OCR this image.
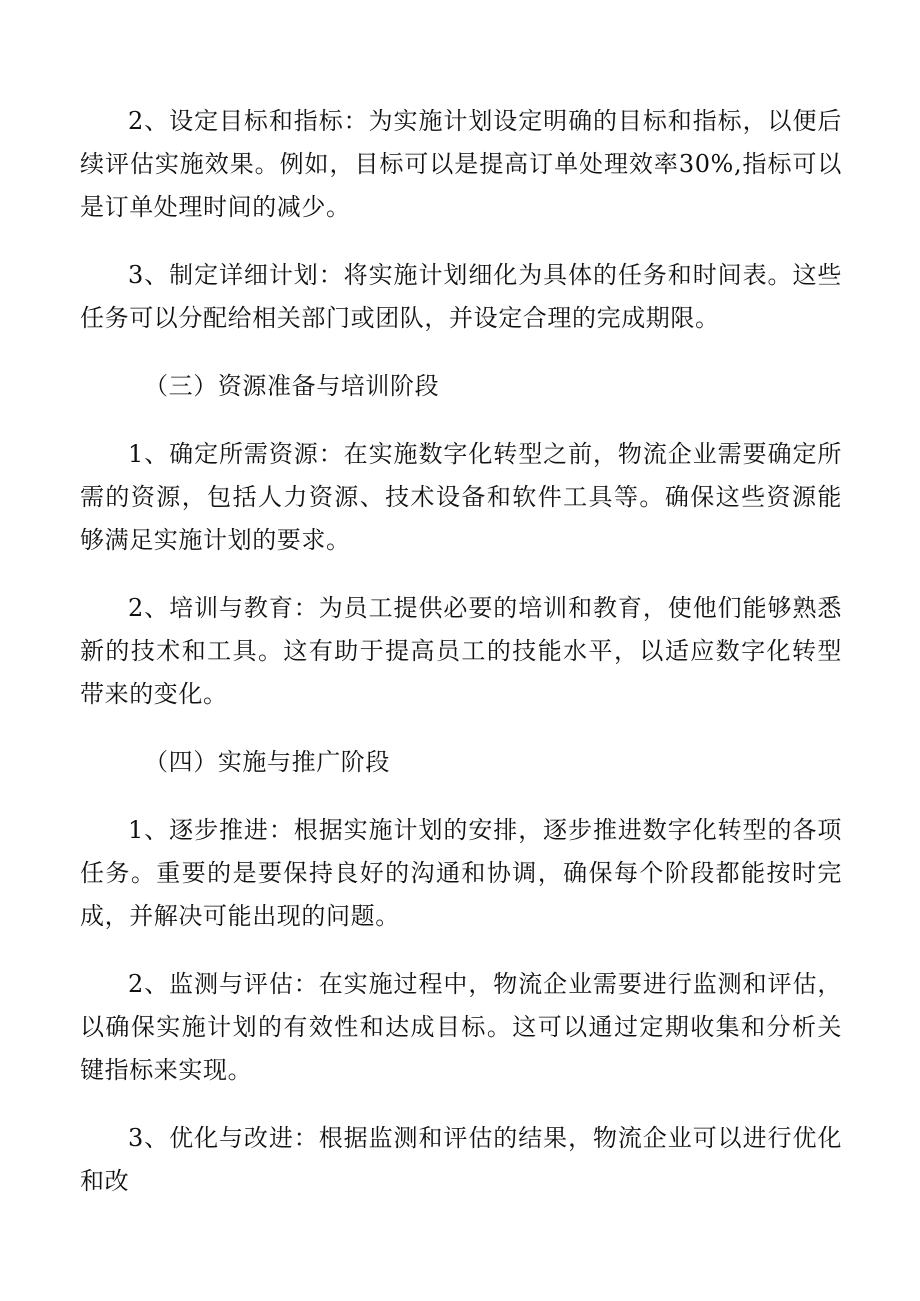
2、设定目标和指标：为实施计划设定明确的目标和指标，以便后续评估实施效果。例如，目标可以是提高订单处理效率30%,指标可以是订单处理时间的减少。

3、制定详细计划：将实施计划细化为具体的任务和时间表。这些任务可以分配给相关部门或团队，并设定合理的完成期限。

（三）资源准备与培训阶段

1、确定所需资源：在实施数字化转型之前，物流企业需要确定所需的资源，包括人力资源、技术设备和软件工具等。确保这些资源能够满足实施计划的要求。

2、培训与教育：为员工提供必要的培训和教育，使他们能够熟悉新的技术和工具。这有助于提高员工的技能水平，以适应数字化转型带来的变化。

（四）实施与推广阶段

1、逐步推进：根据实施计划的安排，逐步推进数字化转型的各项任务。重要的是要保持良好的沟通和协调，确保每个阶段都能按时完成，并解决可能出现的问题。

2、监测与评估：在实施过程中，物流企业需要进行监测和评估，以确保实施计划的有效性和达成目标。这可以通过定期收集和分析关键指标来实现。

3、优化与改进：根据监测和评估的结果，物流企业可以进行优化和改
